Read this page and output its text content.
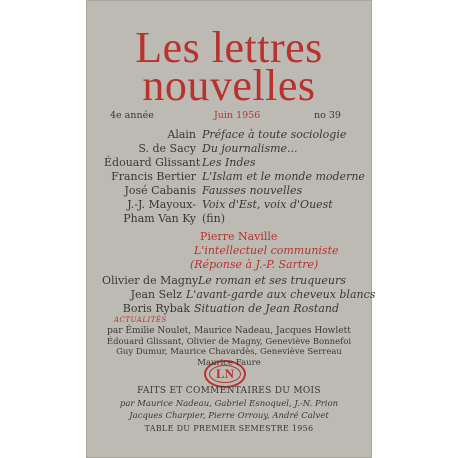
Les lettres
nouvelles
4e année	Juin 1956	no 39
Alain Préface à toute sociologie
S. de Sacy Du journalisme...
Édouard Glissant Les Indes
Francis Bertier L'Islam et le monde moderne
José Cabanis Fausses nouvelles
J.-J. Mayoux- Voix d'Est, voix d'Ouest
Pham Van Ky (fin)
Pierre Naville
L'intellectuel communiste
(Réponse à J.-P. Sartre)
Olivier de Magny Le roman et ses truqueurs
Jean Selz L'avant-garde aux cheveux blancs
Boris Rybak Situation de Jean Rostand
ACTUALITÉS
par Émilie Noulet, Maurice Nadeau, Jacques Howlett
LN
FAITS ET COMMENTAIRES DU MOIS
par Maurice Nadeau, Gabriel Esnoquel, J.-N. Prion
Jacques Charpier, Pierre Orrouy, André Calvet
TABLE DU PREMIER SEMESTRE 1956
Édouard Glissant, Olivier de Magny, Geneviève Bonnefoi
Guy Dumur, Maurice Chavardès, Geneviève Serreau
Maurice Faure
